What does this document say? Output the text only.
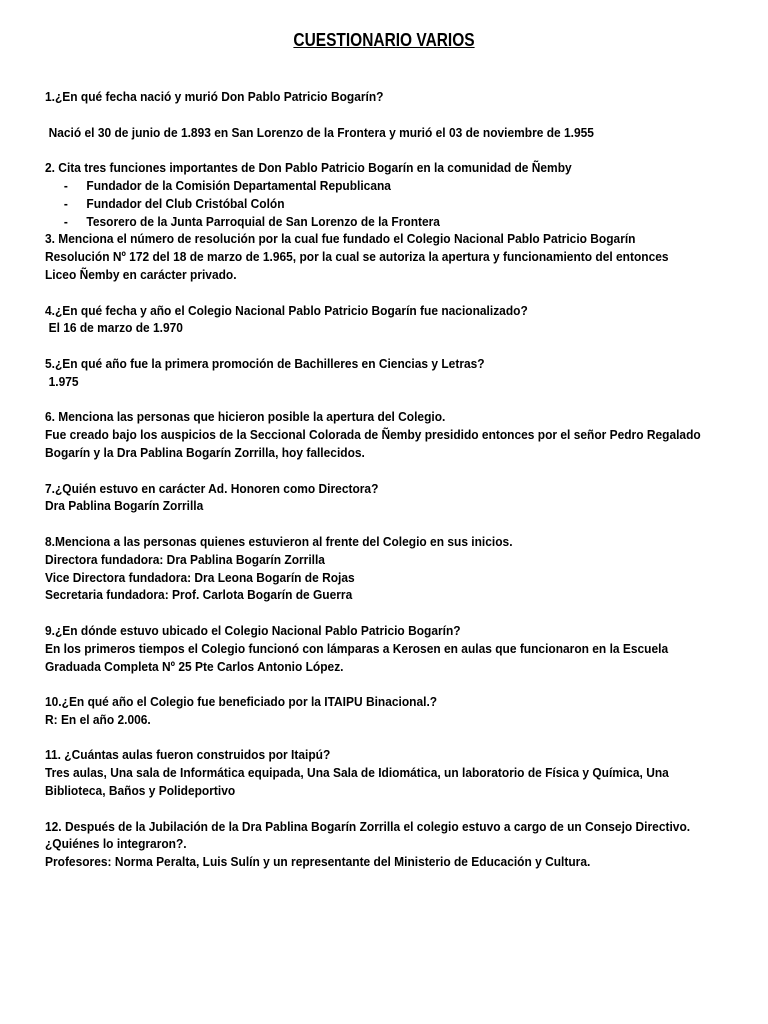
CUESTIONARIO VARIOS
1.¿En qué fecha nació y murió Don Pablo Patricio Bogarín?
Nació el 30 de junio de 1.893 en San Lorenzo de la Frontera y murió el 03 de noviembre de 1.955
2. Cita tres funciones importantes de Don Pablo Patricio Bogarín en la comunidad de Ñemby
- Fundador de la Comisión Departamental Republicana
- Fundador del Club Cristóbal Colón
- Tesorero de la Junta Parroquial de San Lorenzo de la Frontera
3. Menciona el número de resolución por la cual fue fundado el Colegio Nacional Pablo Patricio Bogarín
Resolución Nº 172 del 18 de marzo de 1.965, por la cual se autoriza la apertura y funcionamiento del entonces
Liceo Ñemby en carácter privado.
4.¿En qué fecha y año el Colegio Nacional Pablo Patricio Bogarín fue nacionalizado?
El 16 de marzo de 1.970
5.¿En qué año fue la primera promoción de Bachilleres en Ciencias y Letras?
1.975
6. Menciona las personas que hicieron posible la apertura del Colegio.
Fue creado bajo los auspicios de la Seccional Colorada de Ñemby presidido entonces por el señor Pedro Regalado
Bogarín y la Dra Pablina Bogarín Zorrilla, hoy fallecidos.
7.¿Quién estuvo en carácter Ad. Honoren como Directora?
Dra Pablina Bogarín Zorrilla
8.Menciona a las personas quienes estuvieron al frente del Colegio en sus inicios.
Directora fundadora: Dra Pablina Bogarín Zorrilla
Vice Directora fundadora: Dra Leona Bogarín de Rojas
Secretaria fundadora: Prof. Carlota Bogarín de Guerra
9.¿En dónde estuvo ubicado el Colegio Nacional Pablo Patricio Bogarín?
En los primeros tiempos el Colegio funcionó con lámparas a Kerosen en aulas que funcionaron en la Escuela
Graduada Completa Nº 25 Pte Carlos Antonio López.
10.¿En qué año el Colegio fue beneficiado por la ITAIPU Binacional.?
R: En el año 2.006.
11. ¿Cuántas aulas fueron construidos por Itaipú?
Tres aulas, Una sala de Informática equipada, Una Sala de Idiomática, un laboratorio de Física y Química, Una
Biblioteca, Baños y Polideportivo
12. Después de la Jubilación de la Dra Pablina Bogarín Zorrilla el colegio estuvo a cargo de un Consejo Directivo.
¿Quiénes lo integraron?.
Profesores: Norma Peralta, Luis Sulín y un representante del Ministerio de Educación y Cultura.
